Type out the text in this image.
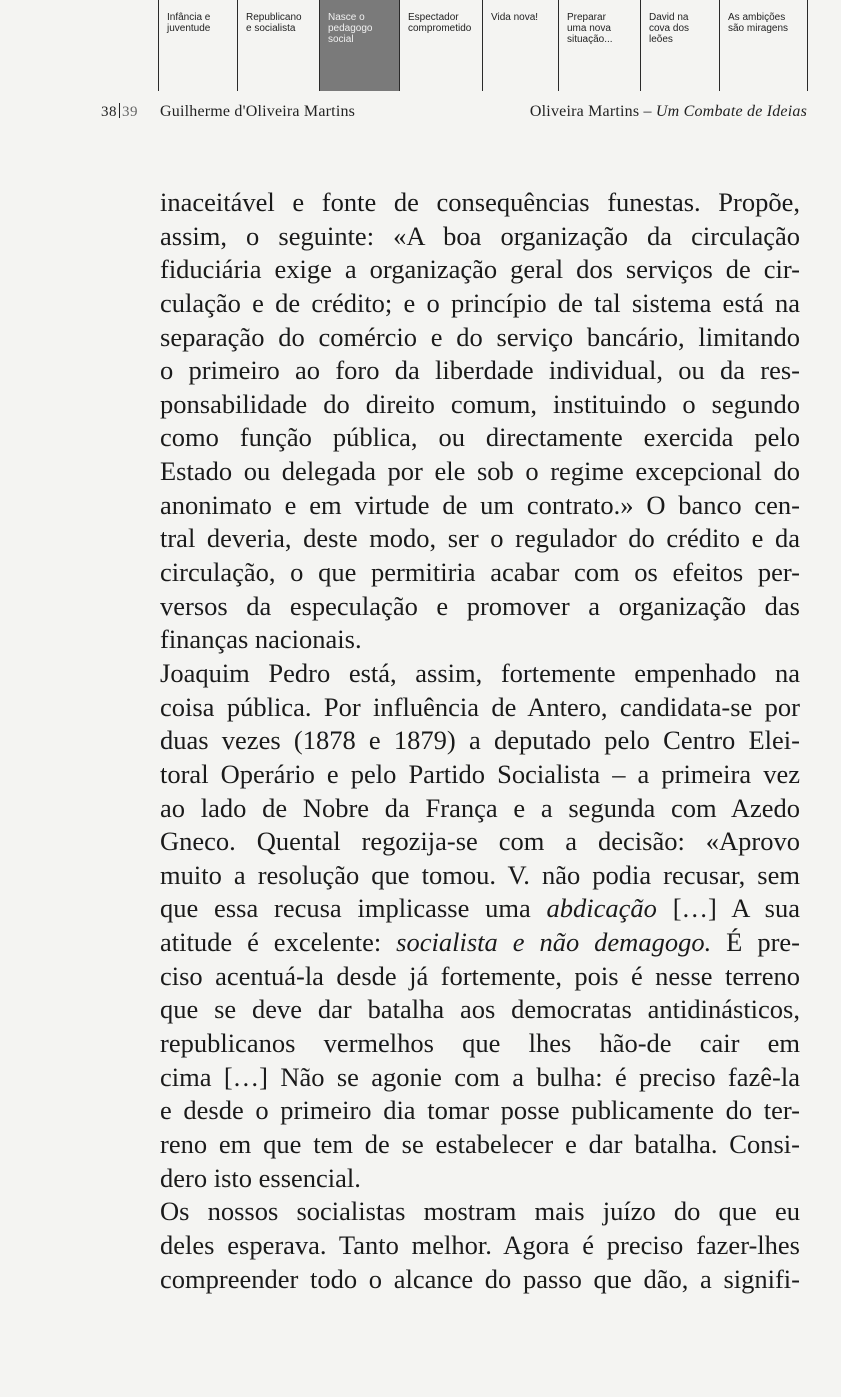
Infância e
juventude
Republicano
e socialista
Nasce o
pedagogo
social
Espectador
comprometido
Vida nova!	Preparar
uma nova
situação...
David na
cova dos
leões
As ambições
são miragens
38 39 Guilherme d'Oliveira Martins	Oliveira Martins – Um Combate de Ideias
inaceitável e fonte de consequências funestas. Propõe,
assim, o seguinte: «A boa organização da circulação
fiduciária exige a organização geral dos serviços de cir-
culação e de crédito; e o princípio de tal sistema está na
separação do comércio e do serviço bancário, limitando
o primeiro ao foro da liberdade individual, ou da res-
ponsabilidade do direito comum, instituindo o segundo
como função pública, ou directamente exercida pelo
Estado ou delegada por ele sob o regime excepcional do
anonimato e em virtude de um contrato.» O banco cen-
tral deveria, deste modo, ser o regulador do crédito e da
circulação, o que permitiria acabar com os efeitos per-
versos da especulação e promover a organização das
finanças nacionais.
Joaquim Pedro está, assim, fortemente empenhado na
coisa pública. Por influência de Antero, candidata-se por
duas vezes (1878 e 1879) a deputado pelo Centro Elei-
toral Operário e pelo Partido Socialista – a primeira vez
ao lado de Nobre da França e a segunda com Azedo
Gneco. Quental regozija-se com a decisão: «Aprovo
muito a resolução que tomou. V. não podia recusar, sem
que essa recusa implicasse uma abdicação […] A sua
atitude é excelente: socialista e não demagogo. É pre-
ciso acentuá-la desde já fortemente, pois é nesse terreno
que se deve dar batalha aos democratas antidinásticos,
republicanos vermelhos que lhes hão-de cair em
cima […] Não se agonie com a bulha: é preciso fazê-la
e desde o primeiro dia tomar posse publicamente do ter-
reno em que tem de se estabelecer e dar batalha. Consi-
dero isto essencial.
Os nossos socialistas mostram mais juízo do que eu
deles esperava. Tanto melhor. Agora é preciso fazer-lhes
compreender todo o alcance do passo que dão, a signifi-
